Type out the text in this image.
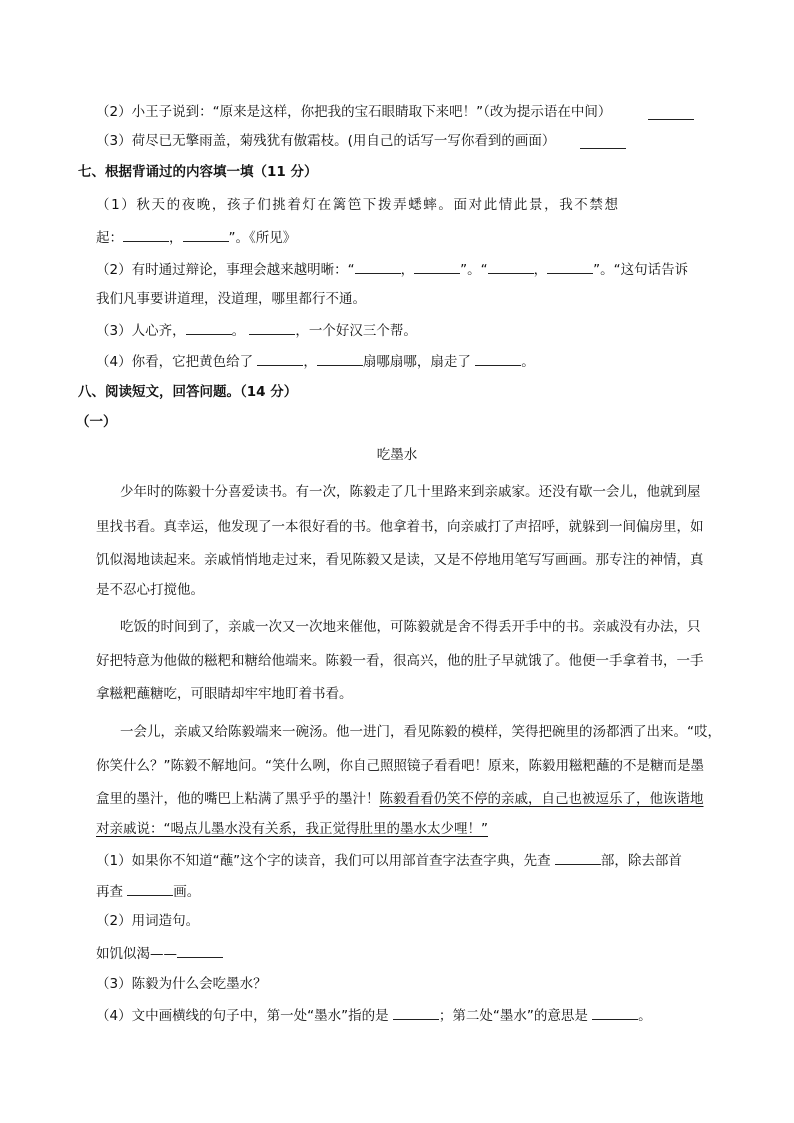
（2）小王子说到：“原来是这样，你把我的宝石眼睛取下来吧！”（改为提示语在中间）
（3）荷尽已无擎雨盖，菊残犹有傲霜枝。(用自己的话写一写你看到的画面）
七、根据背诵过的内容填一填（11 分）
（1）秋天的夜晚，孩子们挑着灯在篱笆下拨弄蟋蟀。面对此情此景，我不禁想
起：	，	”。《所见》
（2）有时通过辩论，事理会越来越明晰：“	，	”。“	，	”。“这句话告诉
我们凡事要讲道理，没道理，哪里都行不通。
（3）人心齐，	。	，一个好汉三个帮。
（4）你看，它把黄色给了	，	扇哪扇哪，扇走了	。
八、阅读短文，回答问题。（14 分）
（一）
吃墨水
少年时的陈毅十分喜爱读书。有一次，陈毅走了几十里路来到亲戚家。还没有歇一会儿，他就到屋
里找书看。真幸运，他发现了一本很好看的书。他拿着书，向亲戚打了声招呼，就躲到一间偏房里，如
饥似渴地读起来。亲戚悄悄地走过来，看见陈毅又是读，又是不停地用笔写写画画。那专注的神情，真
是不忍心打搅他。
吃饭的时间到了，亲戚一次又一次地来催他，可陈毅就是舍不得丢开手中的书。亲戚没有办法，只
好把特意为他做的糍粑和糖给他端来。陈毅一看，很高兴，他的肚子早就饿了。他便一手拿着书，一手
拿糍粑蘸糖吃，可眼睛却牢牢地盯着书看。
一会儿，亲戚又给陈毅端来一碗汤。他一进门，看见陈毅的模样，笑得把碗里的汤都洒了出来。“哎，
你笑什么？”陈毅不解地问。“笑什么咧，你自己照照镜子看看吧！原来，陈毅用糍粑蘸的不是糖而是墨
盒里的墨汁，他的嘴巴上粘满了黑乎乎的墨汁！陈毅看看仍笑不停的亲戚，自己也被逗乐了，他诙谐地
对亲戚说：“喝点儿墨水没有关系，我正觉得肚里的墨水太少哩！”
（1）如果你不知道“蘸”这个字的读音，我们可以用部首查字法查字典，先查	部，除去部首
再查	画。
（2）用词造句。
如饥似渴——
（3）陈毅为什么会吃墨水？
（4）文中画横线的句子中，第一处“墨水”指的是	；第二处“墨水”的意思是	。
